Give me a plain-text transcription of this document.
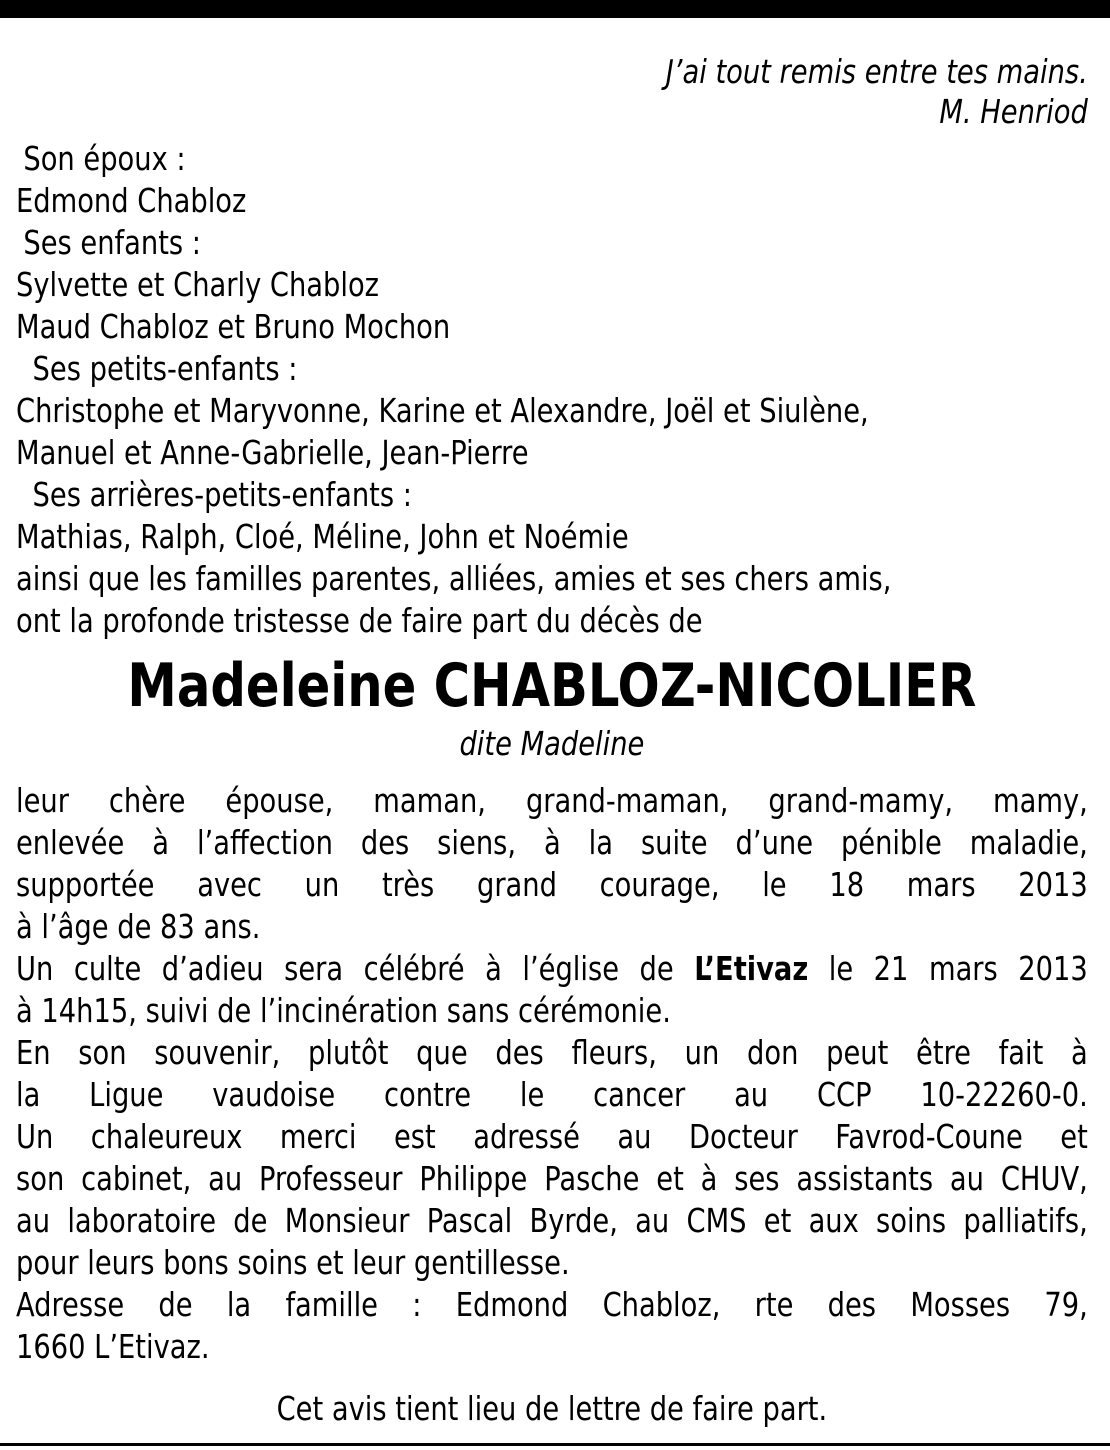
J’ai tout remis entre tes mains.
M. Henriod
Son époux :
Edmond Chabloz
Ses enfants :
Sylvette et Charly Chabloz
Maud Chabloz et Bruno Mochon
Ses petits-enfants :
Christophe et Maryvonne, Karine et Alexandre, Joël et Siulène,
Manuel et Anne-Gabrielle, Jean-Pierre
Ses arrières-petits-enfants :
Mathias, Ralph, Cloé, Méline, John et Noémie
ainsi que les familles parentes, alliées, amies et ses chers amis,
ont la profonde tristesse de faire part du décès de
Madeleine CHABLOZ-NICOLIER
dite Madeline
leur chère épouse, maman, grand-maman, grand-mamy, mamy,
enlevée à l’affection des siens, à la suite d’une pénible maladie,
supportée avec un très grand courage, le 18 mars 2013
à l’âge de 83 ans.
Un culte d’adieu sera célébré à l’église de L’Etivaz le 21 mars 2013
à 14h15, suivi de l’incinération sans cérémonie.
En son souvenir, plutôt que des fleurs, un don peut être fait à
la Ligue vaudoise contre le cancer au CCP 10-22260-0.
Un chaleureux merci est adressé au Docteur Favrod-Coune et
son cabinet, au Professeur Philippe Pasche et à ses assistants au CHUV,
au laboratoire de Monsieur Pascal Byrde, au CMS et aux soins palliatifs,
pour leurs bons soins et leur gentillesse.
Adresse de la famille : Edmond Chabloz, rte des Mosses 79,
1660 L’Etivaz.
Cet avis tient lieu de lettre de faire part.
